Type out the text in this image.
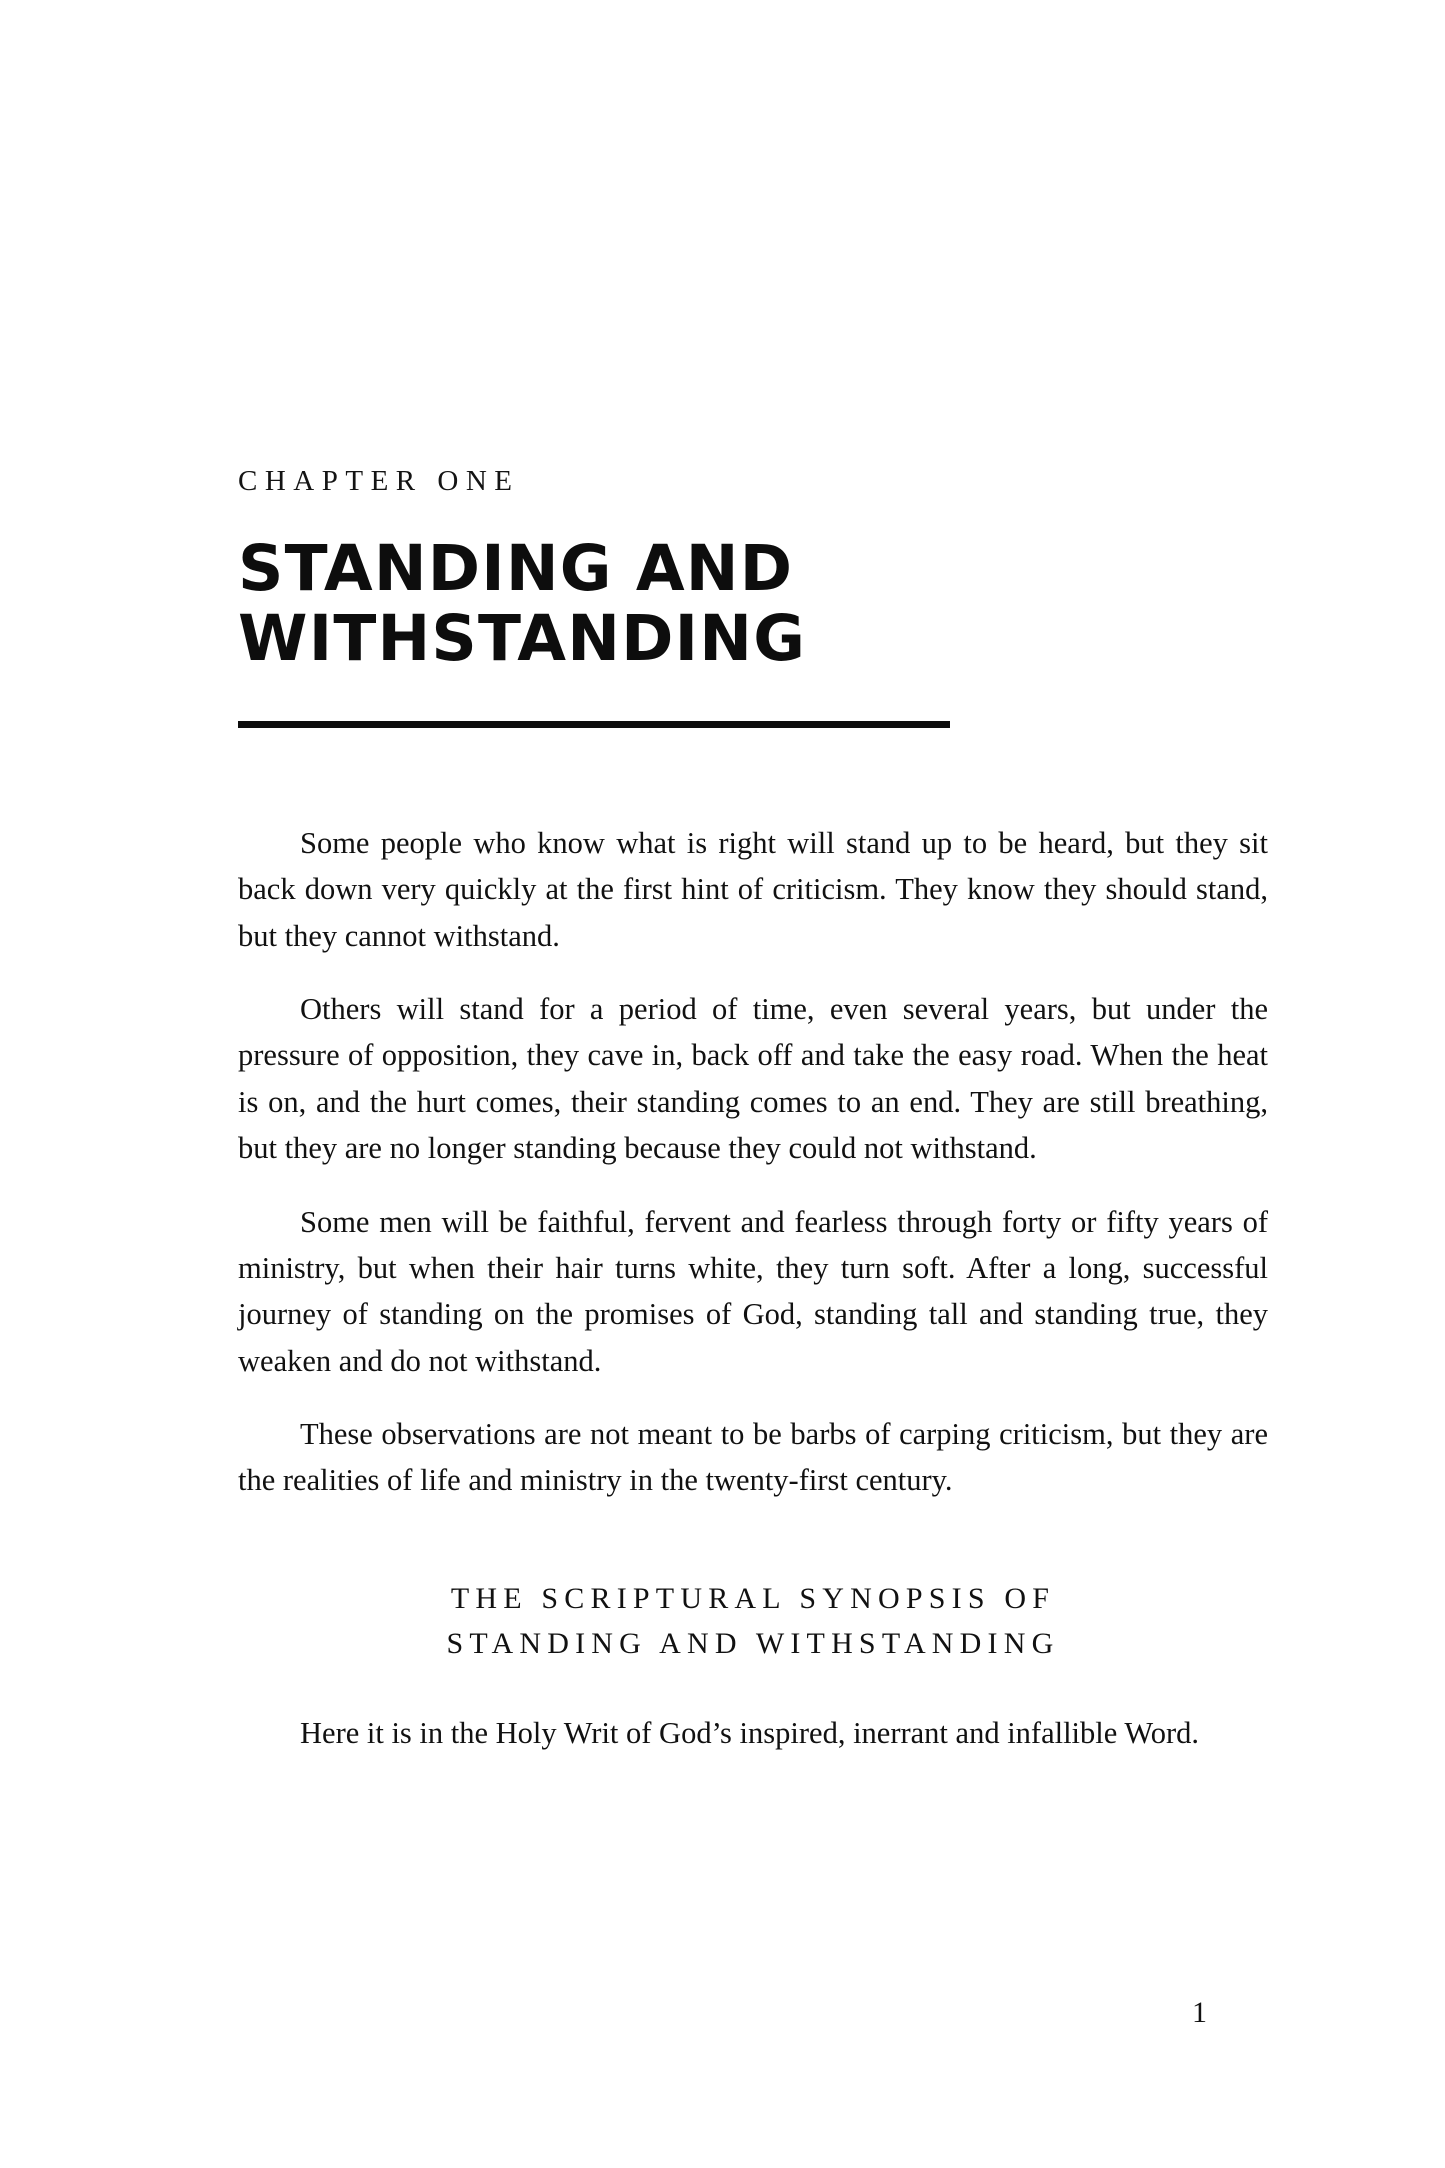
CHAPTER ONE
STANDING AND
WITHSTANDING

Some people who know what is right will stand up to be heard, but they sit back down very quickly at the first hint of criticism. They know they should stand, but they cannot withstand.

Others will stand for a period of time, even several years, but under the pressure of opposition, they cave in, back off and take the easy road. When the heat is on, and the hurt comes, their standing comes to an end. They are still breathing, but they are no longer standing because they could not withstand.

Some men will be faithful, fervent and fearless through forty or fifty years of ministry, but when their hair turns white, they turn soft. After a long, successful journey of standing on the promises of God, standing tall and standing true, they weaken and do not withstand.

These observations are not meant to be barbs of carping criticism, but they are the realities of life and ministry in the twenty-first century.

THE SCRIPTURAL SYNOPSIS OF
STANDING AND WITHSTANDING

Here it is in the Holy Writ of God’s inspired, inerrant and infallible Word.

1
